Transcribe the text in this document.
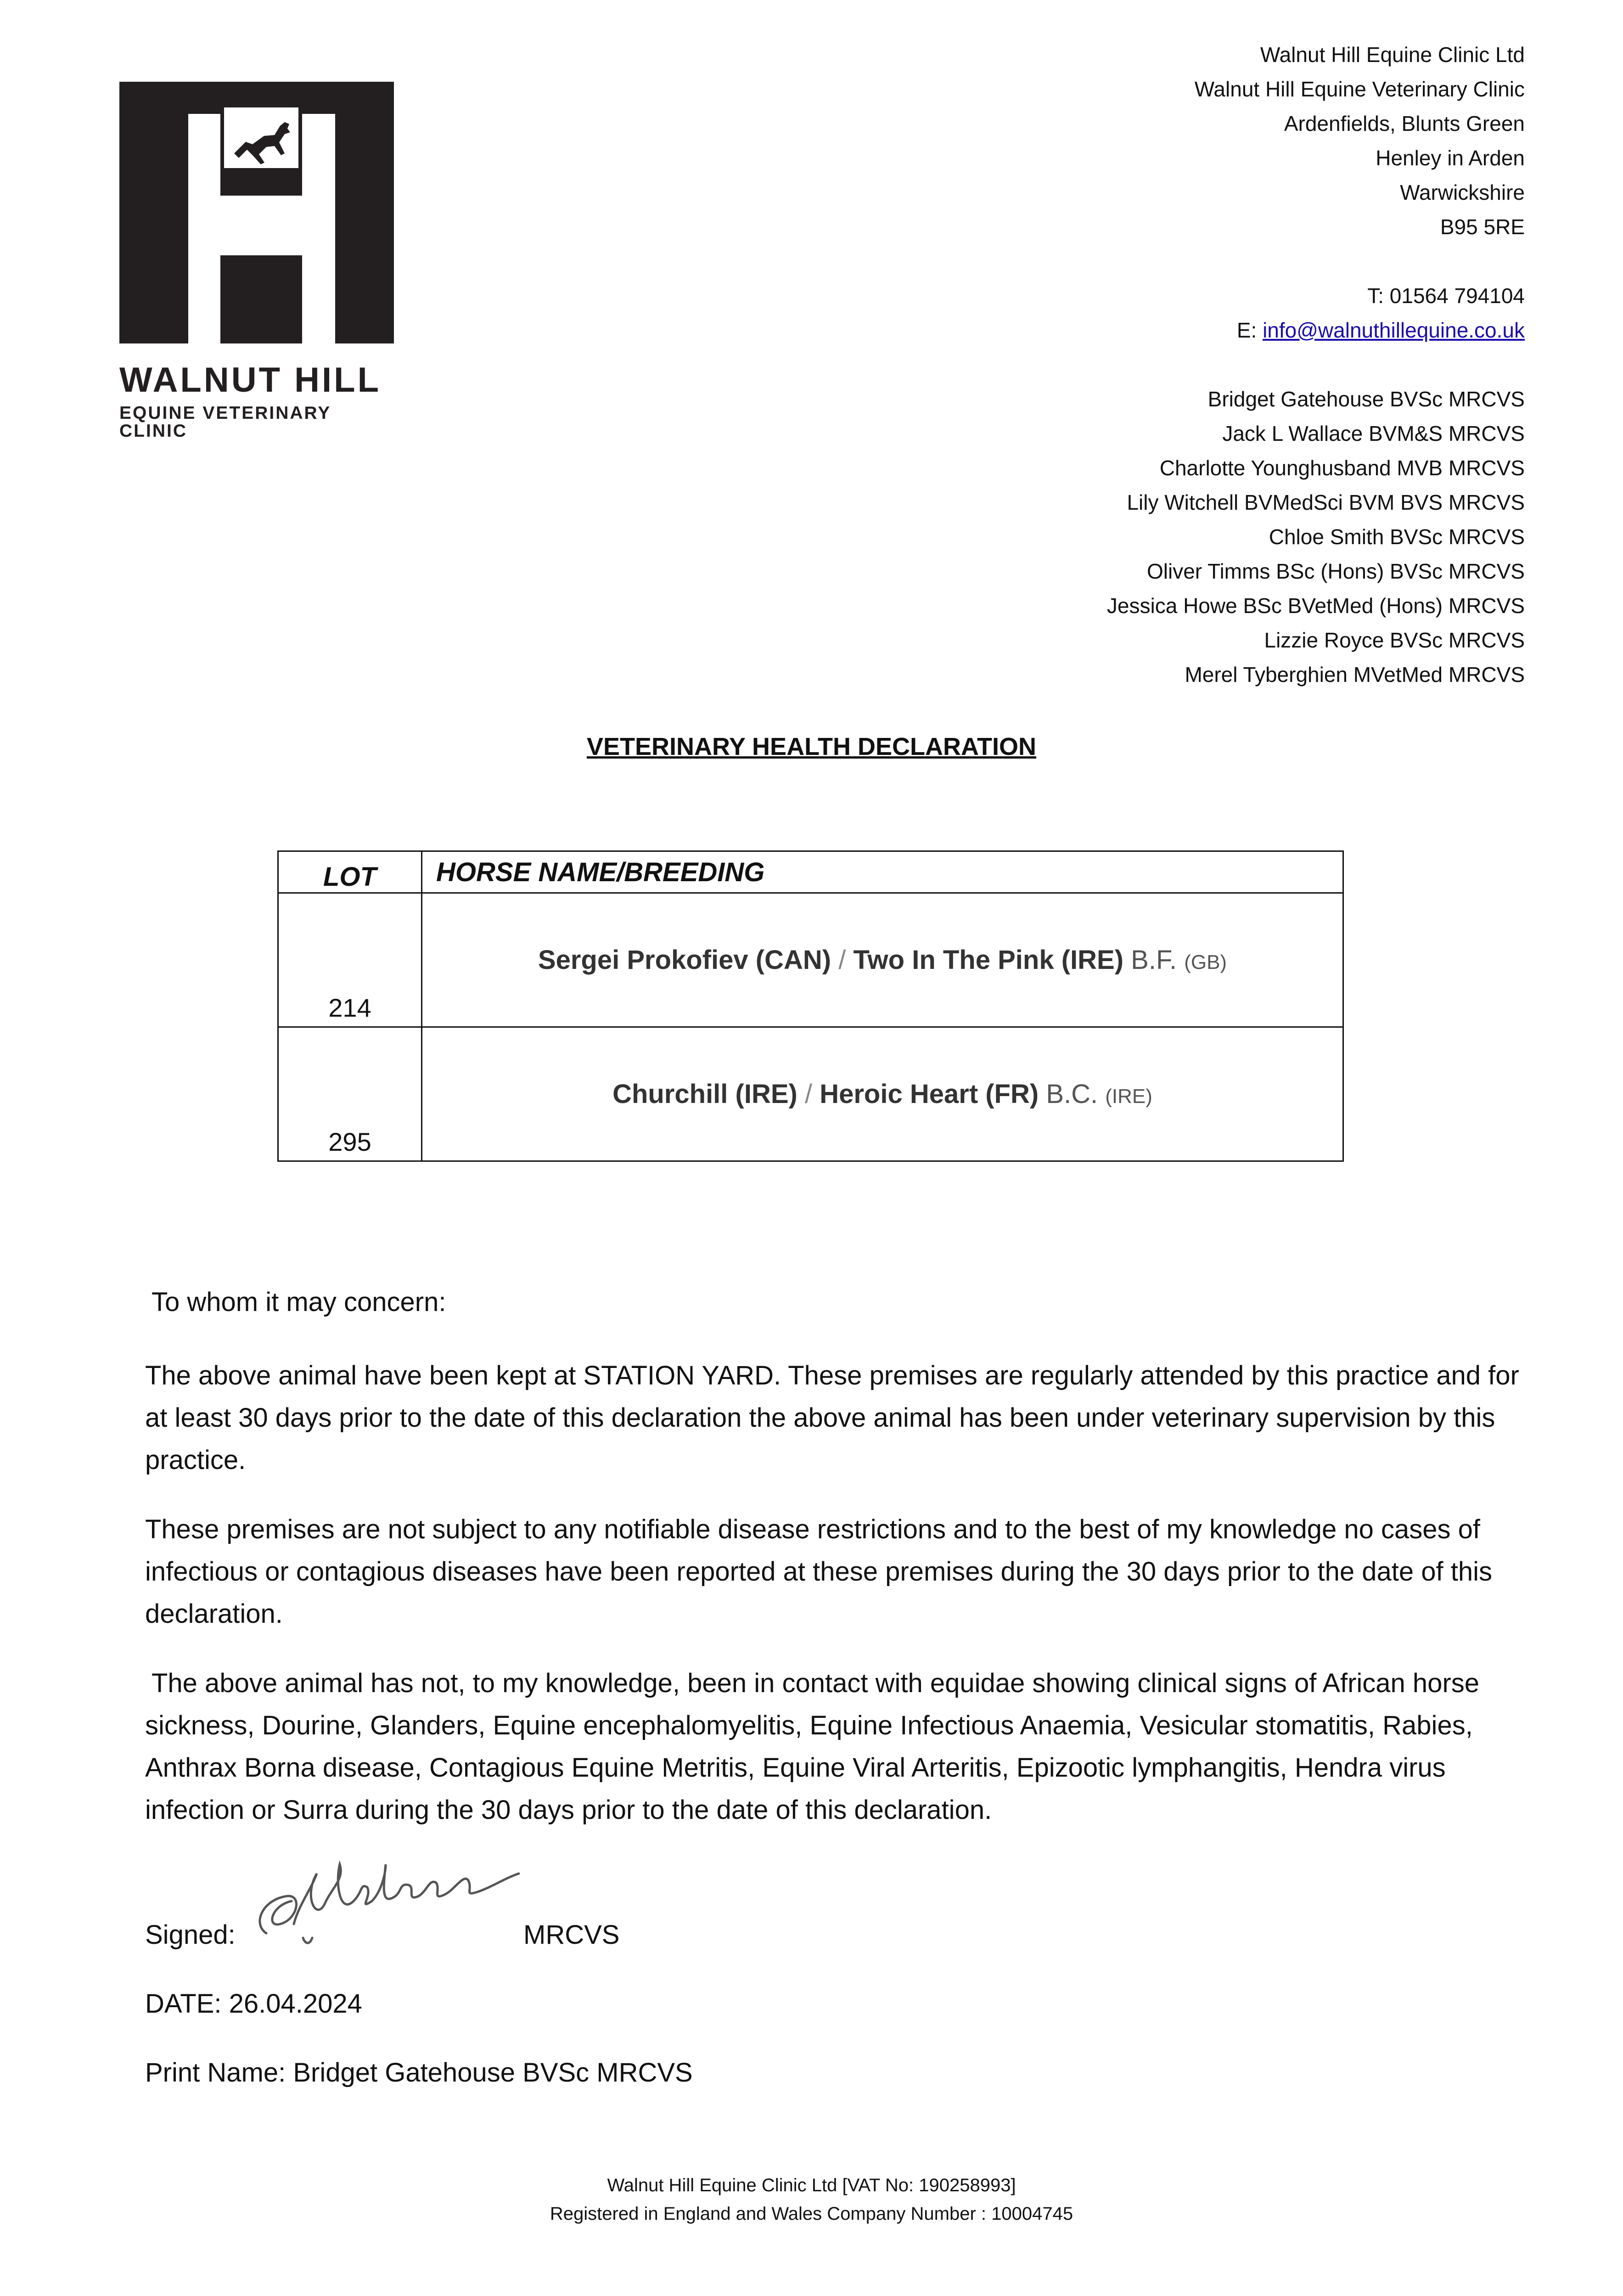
WALNUT HILL
EQUINE VETERINARY CLINIC
Walnut Hill Equine Clinic Ltd
Walnut Hill Equine Veterinary Clinic
Ardenfields, Blunts Green
Henley in Arden
Warwickshire
B95 5RE
T: 01564 794104
E: info@walnuthillequine.co.uk
Bridget Gatehouse BVSc MRCVS
Jack L Wallace BVM&S MRCVS
Charlotte Younghusband MVB MRCVS
Lily Witchell BVMedSci BVM BVS MRCVS
Chloe Smith BVSc MRCVS
Oliver Timms BSc (Hons) BVSc MRCVS
Jessica Howe BSc BVetMed (Hons) MRCVS
Lizzie Royce BVSc MRCVS
Merel Tyberghien MVetMed MRCVS
VETERINARY HEALTH DECLARATION
LOT	HORSE NAME/BREEDING
214	Sergei Prokofiev (CAN) / Two In The Pink (IRE) B.F. (GB)
295	Churchill (IRE) / Heroic Heart (FR) B.C. (IRE)
To whom it may concern:
The above animal have been kept at STATION YARD. These premises are regularly attended by this practice and for at least 30 days prior to the date of this declaration the above animal has been under veterinary supervision by this practice.
These premises are not subject to any notifiable disease restrictions and to the best of my knowledge no cases of infectious or contagious diseases have been reported at these premises during the 30 days prior to the date of this declaration.
The above animal has not, to my knowledge, been in contact with equidae showing clinical signs of African horse sickness, Dourine, Glanders, Equine encephalomyelitis, Equine Infectious Anaemia, Vesicular stomatitis, Rabies, Anthrax Borna disease, Contagious Equine Metritis, Equine Viral Arteritis, Epizootic lymphangitis, Hendra virus infection or Surra during the 30 days prior to the date of this declaration.
Signed:	MRCVS
DATE: 26.04.2024
Print Name: Bridget Gatehouse BVSc MRCVS
Walnut Hill Equine Clinic Ltd [VAT No: 190258993]
Registered in England and Wales Company Number : 10004745
